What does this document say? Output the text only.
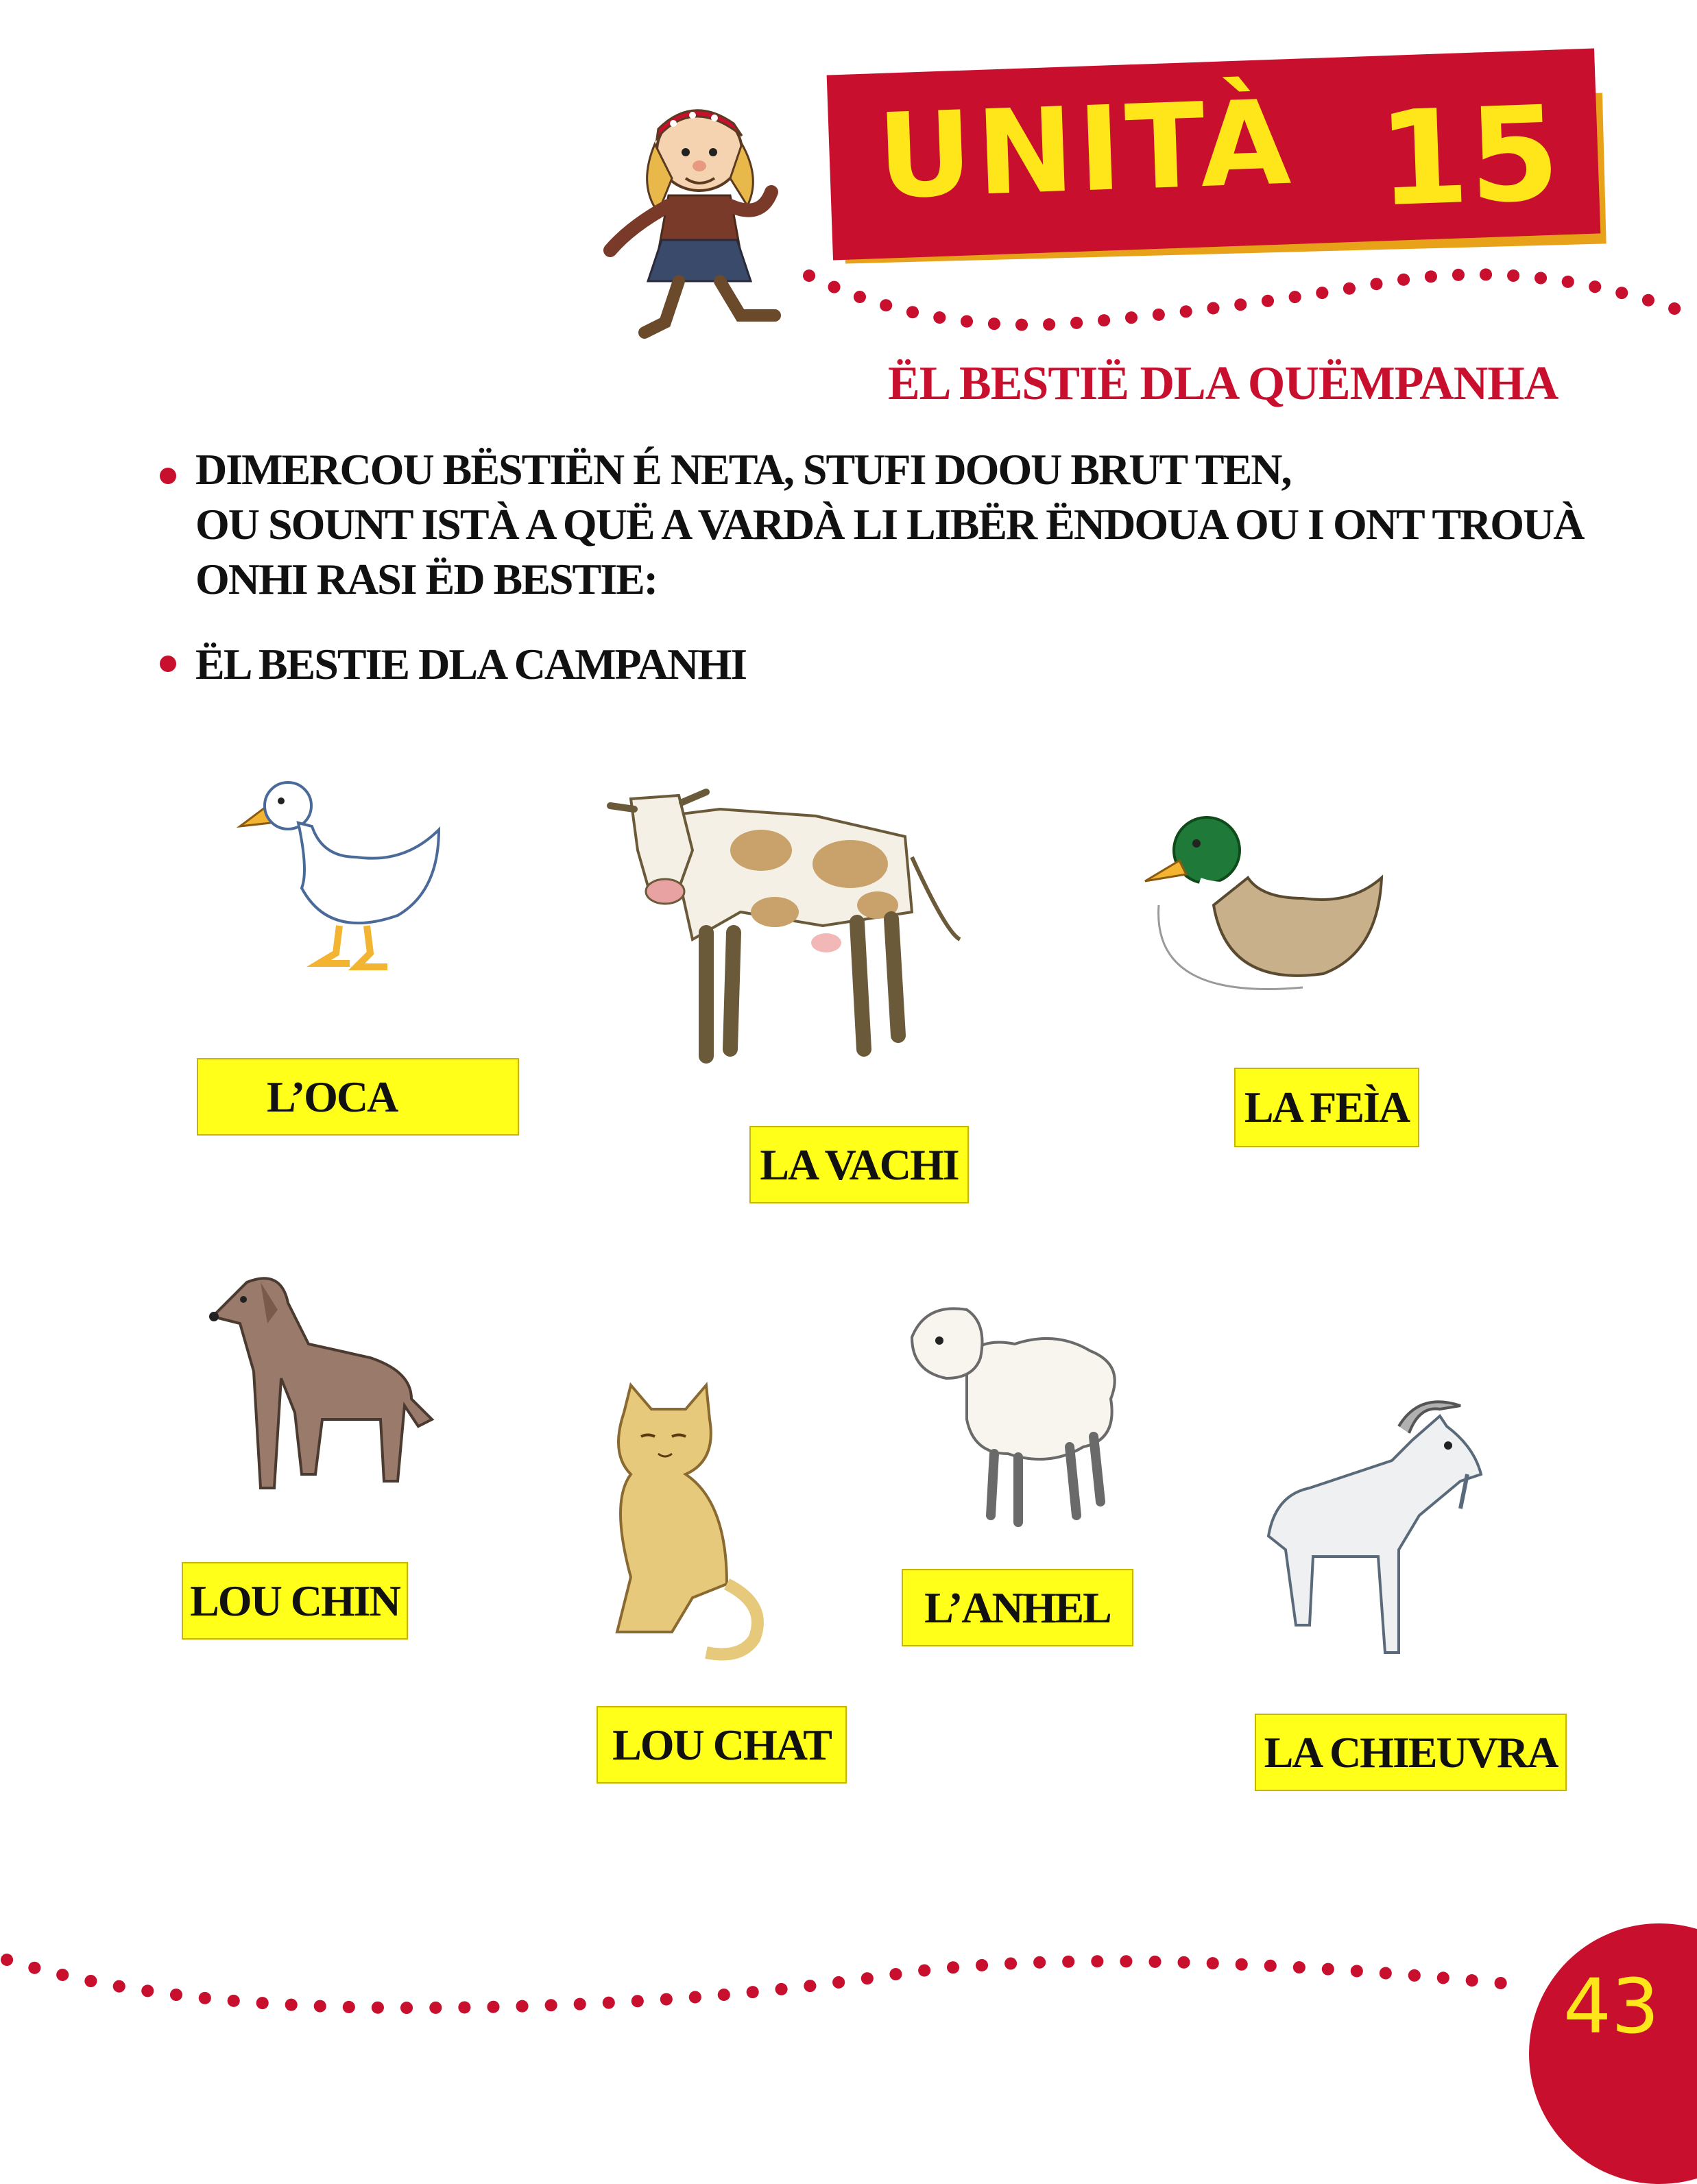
UNITÀ 15
ËL BESTIË DLA QUËMPANHA
DIMERCOU BËSTIËN É NETA, STUFI DOOU BRUT TEN,
OU SOUNT ISTÀ A QUË A VARDÀ LI LIBËR ËNDOUA OU I ONT TROUÀ
ONHI RASI ËD BESTIE:
ËL BESTIE DLA CAMPANHI
L’OCA
LA VACHI
LA FEÌA
LOU CHIN
LOU CHAT
L’ANHEL
LA CHIEUVRA
43
